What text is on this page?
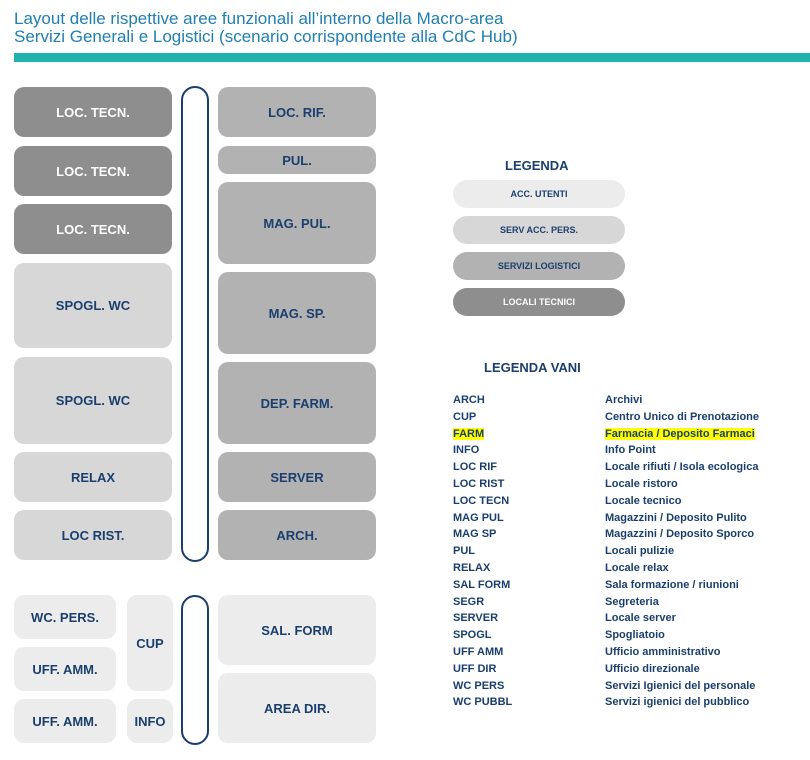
Layout delle rispettive aree funzionali all’interno della Macro-area
Servizi Generali e Logistici (scenario corrispondente alla CdC Hub)
LOC. TECN.
LOC. TECN.
LOC. TECN.
SPOGL. WC
SPOGL. WC
RELAX
LOC RIST.
LOC. RIF.
PUL.
MAG. PUL.
MAG. SP.
DEP. FARM.
SERVER
ARCH.
WC. PERS.
UFF. AMM.
UFF. AMM.
CUP
INFO
SAL. FORM
AREA DIR.
LEGENDA
ACC. UTENTI
SERV ACC. PERS.
SERVIZI LOGISTICI
LOCALI TECNICI
LEGENDA VANI
ARCH	Archivi
CUP	Centro Unico di Prenotazione
FARM	Farmacia / Deposito Farmaci
INFO	Info Point
LOC RIF	Locale rifiuti / Isola ecologica
LOC RIST	Locale ristoro
LOC TECN	Locale tecnico
MAG PUL	Magazzini / Deposito Pulito
MAG SP	Magazzini / Deposito Sporco
PUL	Locali pulizie
RELAX	Locale relax
SAL FORM	Sala formazione / riunioni
SEGR	Segreteria
SERVER	Locale server
SPOGL	Spogliatoio
UFF AMM	Ufficio amministrativo
UFF DIR	Ufficio direzionale
WC PERS	Servizi Igienici del personale
WC PUBBL	Servizi igienici del pubblico
